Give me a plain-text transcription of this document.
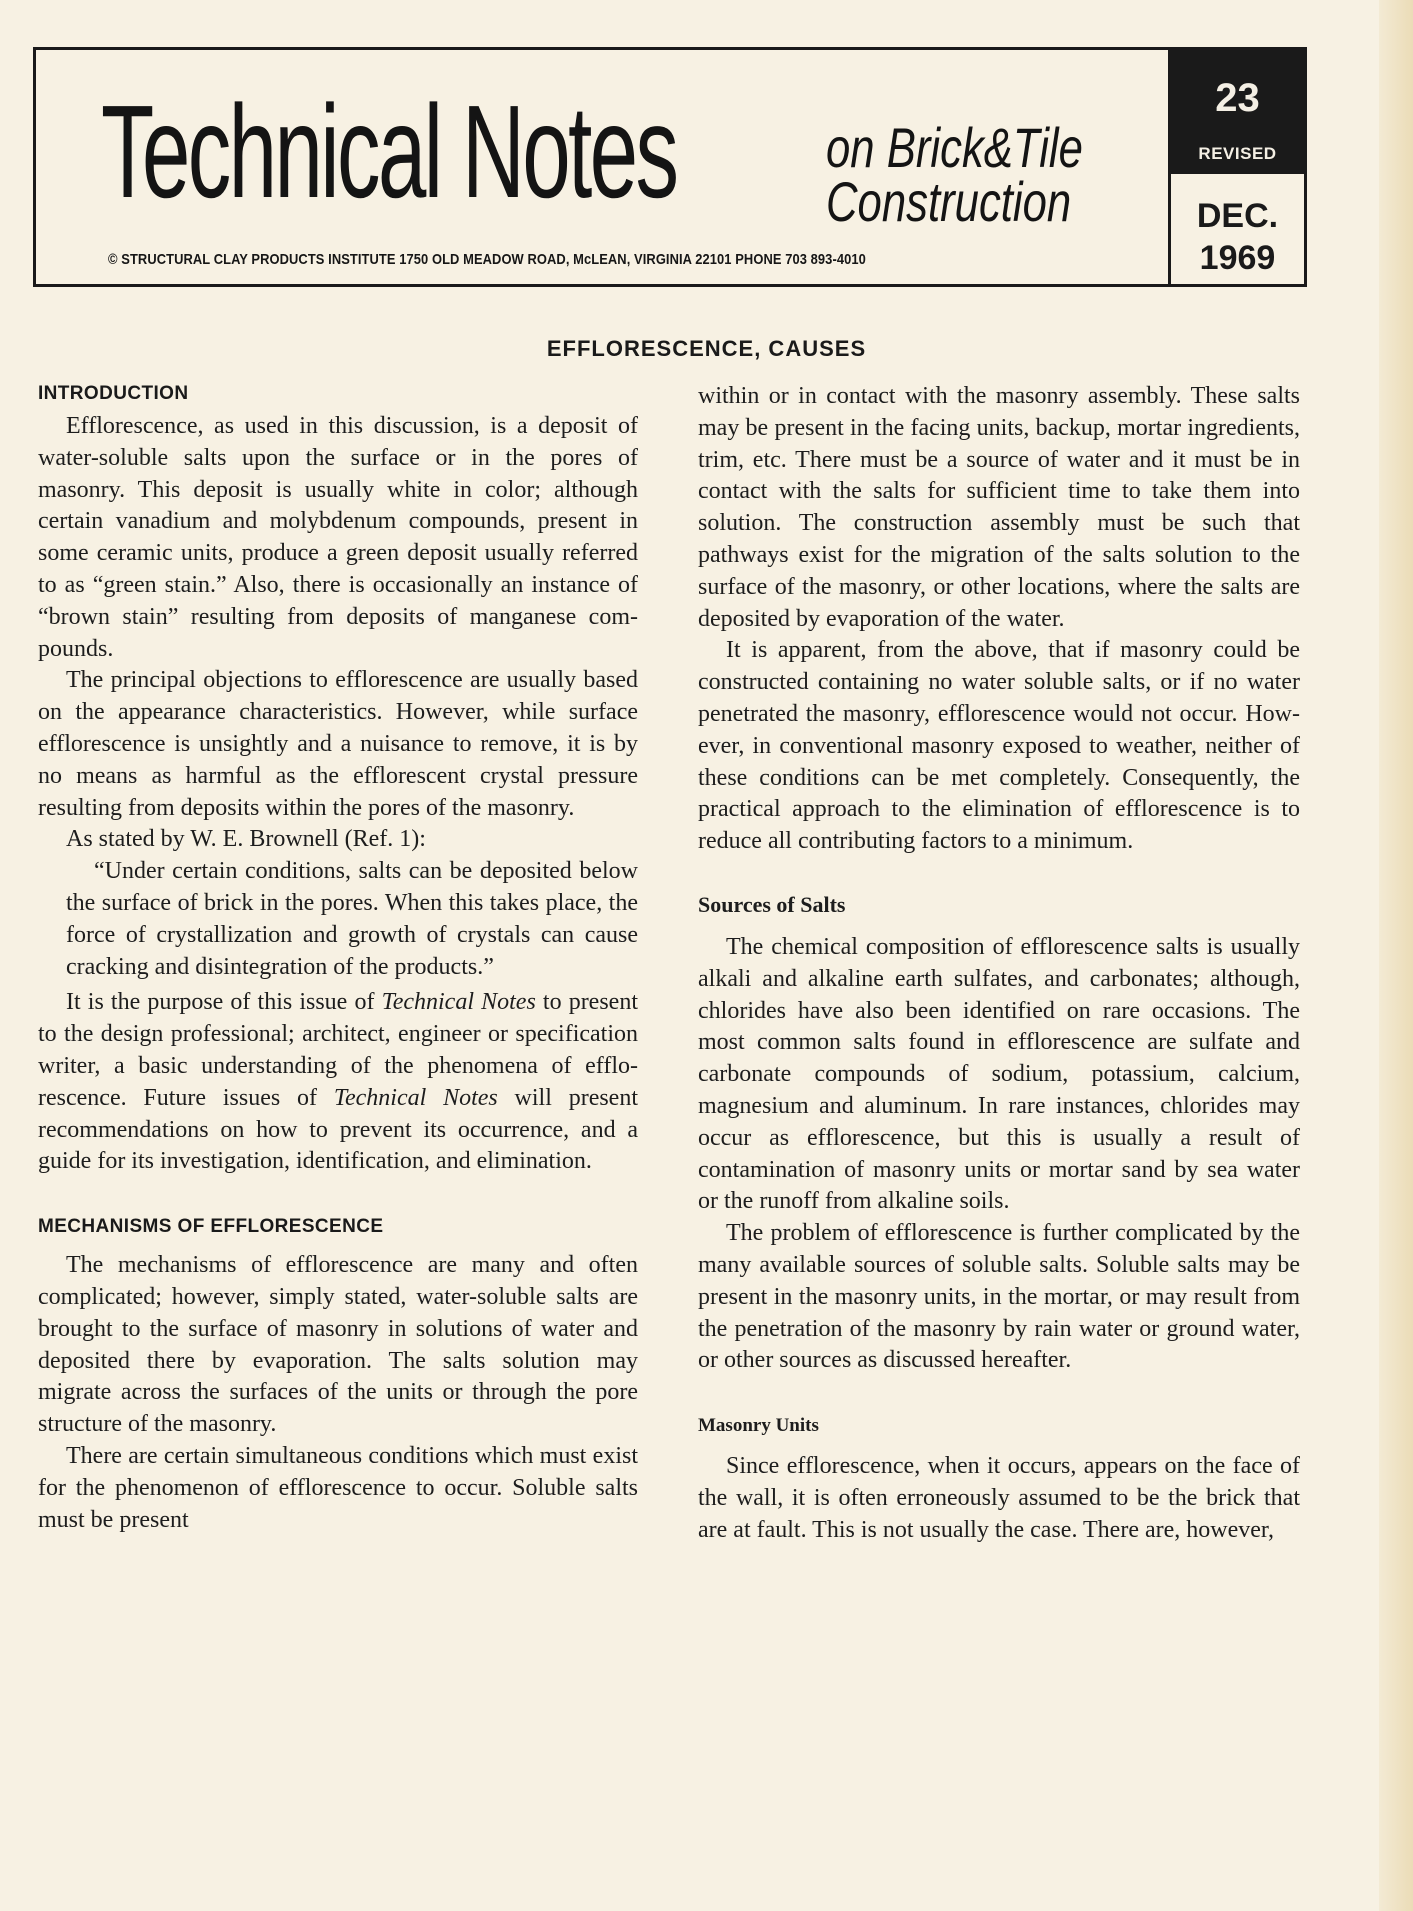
Technical Notes	on Brick&Tile
Construction
© STRUCTURAL CLAY PRODUCTS INSTITUTE 1750 OLD MEADOW ROAD, McLEAN, VIRGINIA 22101 PHONE 703 893-4010
23
REVISED
DEC.
1969
EFFLORESCENCE, CAUSES
INTRODUCTION

Efflorescence, as used in this discussion, is a deposit of water-soluble salts upon the surface or in the pores of masonry. This deposit is usually white in color; although certain vanadium and molybdenum compounds, present in some ceramic units, produce a green deposit usually referred to as “green stain.” Also, there is occasionally an instance of “brown stain” resulting from deposits of manganese compounds.

The principal objections to efflorescence are usually based on the appearance characteristics. However, while surface efflorescence is unsightly and a nuisance to remove, it is by no means as harmful as the efflorescent crystal pressure resulting from deposits within the pores of the masonry.

As stated by W. E. Brownell (Ref. 1):

“Under certain conditions, salts can be deposited below the surface of brick in the pores. When this takes place, the force of crystallization and growth of crystals can cause cracking and disintegration of the products.”

It is the purpose of this issue of Technical Notes to present to the design professional; architect, engineer or specification writer, a basic understanding of the phenomena of efflorescence. Future issues of Technical Notes will present recommendations on how to prevent its occurrence, and a guide for its investigation, identification, and elimination.

MECHANISMS OF EFFLORESCENCE

The mechanisms of efflorescence are many and often complicated; however, simply stated, water-soluble salts are brought to the surface of masonry in solutions of water and deposited there by evaporation. The salts solution may migrate across the surfaces of the units or through the pore structure of the masonry.

There are certain simultaneous conditions which must exist for the phenomenon of efflorescence to occur. Soluble salts must be present

within or in contact with the masonry assembly. These salts may be present in the facing units, backup, mortar ingredients, trim, etc. There must be a source of water and it must be in contact with the salts for sufficient time to take them into solution. The construction assembly must be such that pathways exist for the migration of the salts solution to the surface of the masonry, or other locations, where the salts are deposited by evaporation of the water.

It is apparent, from the above, that if masonry could be constructed containing no water soluble salts, or if no water penetrated the masonry, efflorescence would not occur. However, in conventional masonry exposed to weather, neither of these conditions can be met completely. Consequently, the practical approach to the elimination of efflorescence is to reduce all contributing factors to a minimum.

Sources of Salts

The chemical composition of efflorescence salts is usually alkali and alkaline earth sulfates, and carbonates; although, chlorides have also been identified on rare occasions. The most common salts found in efflorescence are sulfate and carbonate compounds of sodium, potassium, calcium, magnesium and aluminum. In rare instances, chlorides may occur as efflorescence, but this is usually a result of contamination of masonry units or mortar sand by sea water or the runoff from alkaline soils.

The problem of efflorescence is further complicated by the many available sources of soluble salts. Soluble salts may be present in the masonry units, in the mortar, or may result from the penetration of the masonry by rain water or ground water, or other sources as discussed hereafter.

Masonry Units

Since efflorescence, when it occurs, appears on the face of the wall, it is often erroneously assumed to be the brick that are at fault. This is not usually the case. There are, however,
